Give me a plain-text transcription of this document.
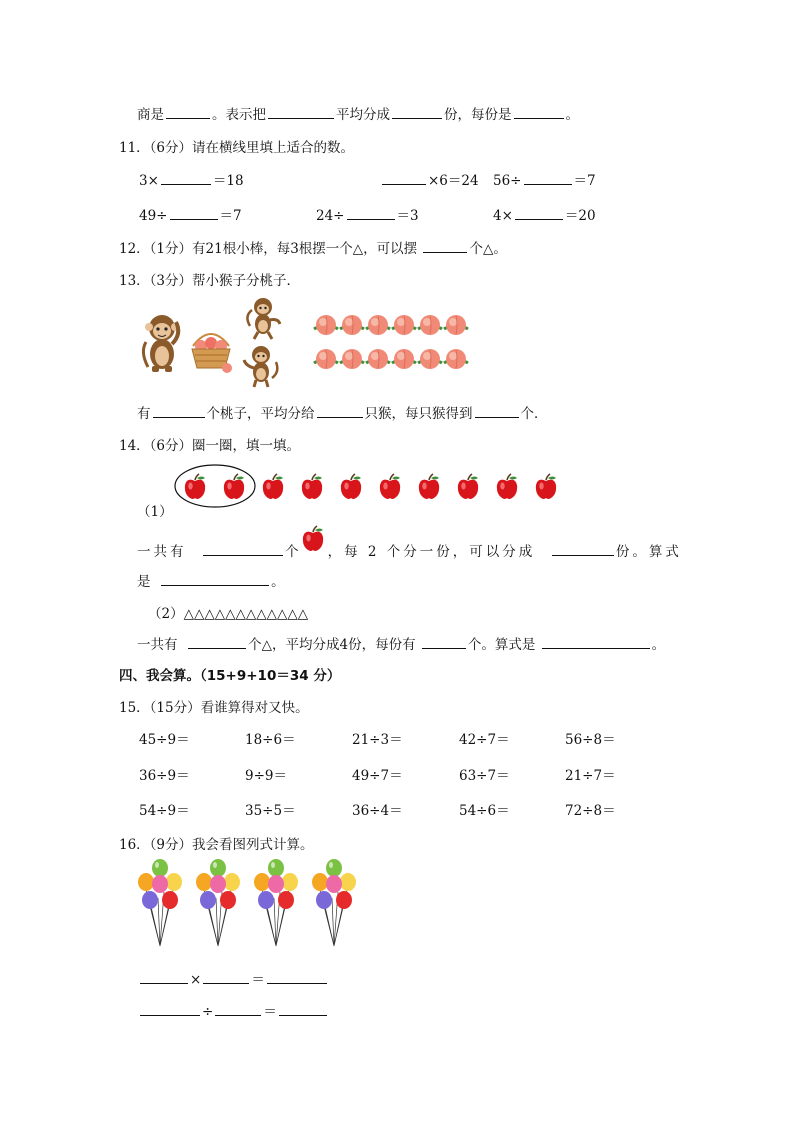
商是	。表示把	平均分成	份，每份是	。
11．（6分）请在横线里填上适合的数。
3×	＝18	×6＝24 56÷	＝7
49÷	＝7	24÷	＝3	4×	＝20
12．（1分）有21根小棒，每3根摆一个△，可以摆	个△。
13．（3分）帮小猴子分桃子．
有	个桃子，平均分给	只猴，每只猴得到	个．
14．（6分）圈一圈，填一填。
（1）
一共有	个 ，每 2 个分一份，可以分成	份。算式
是	。
（2）△△△△△△△△△△△△
一共有	个△，平均分成4份，每份有	个。算式是	。
四、我会算。（15+9+10＝34 分）
15．（15分）看谁算得对又快。
45÷9＝	18÷6＝	21÷3＝	42÷7＝	56÷8＝
36÷9＝	9÷9＝	49÷7＝	63÷7＝	21÷7＝
54÷9＝	35÷5＝	36÷4＝	54÷6＝	72÷8＝
16．（9分）我会看图列式计算。
×	＝
÷	＝
